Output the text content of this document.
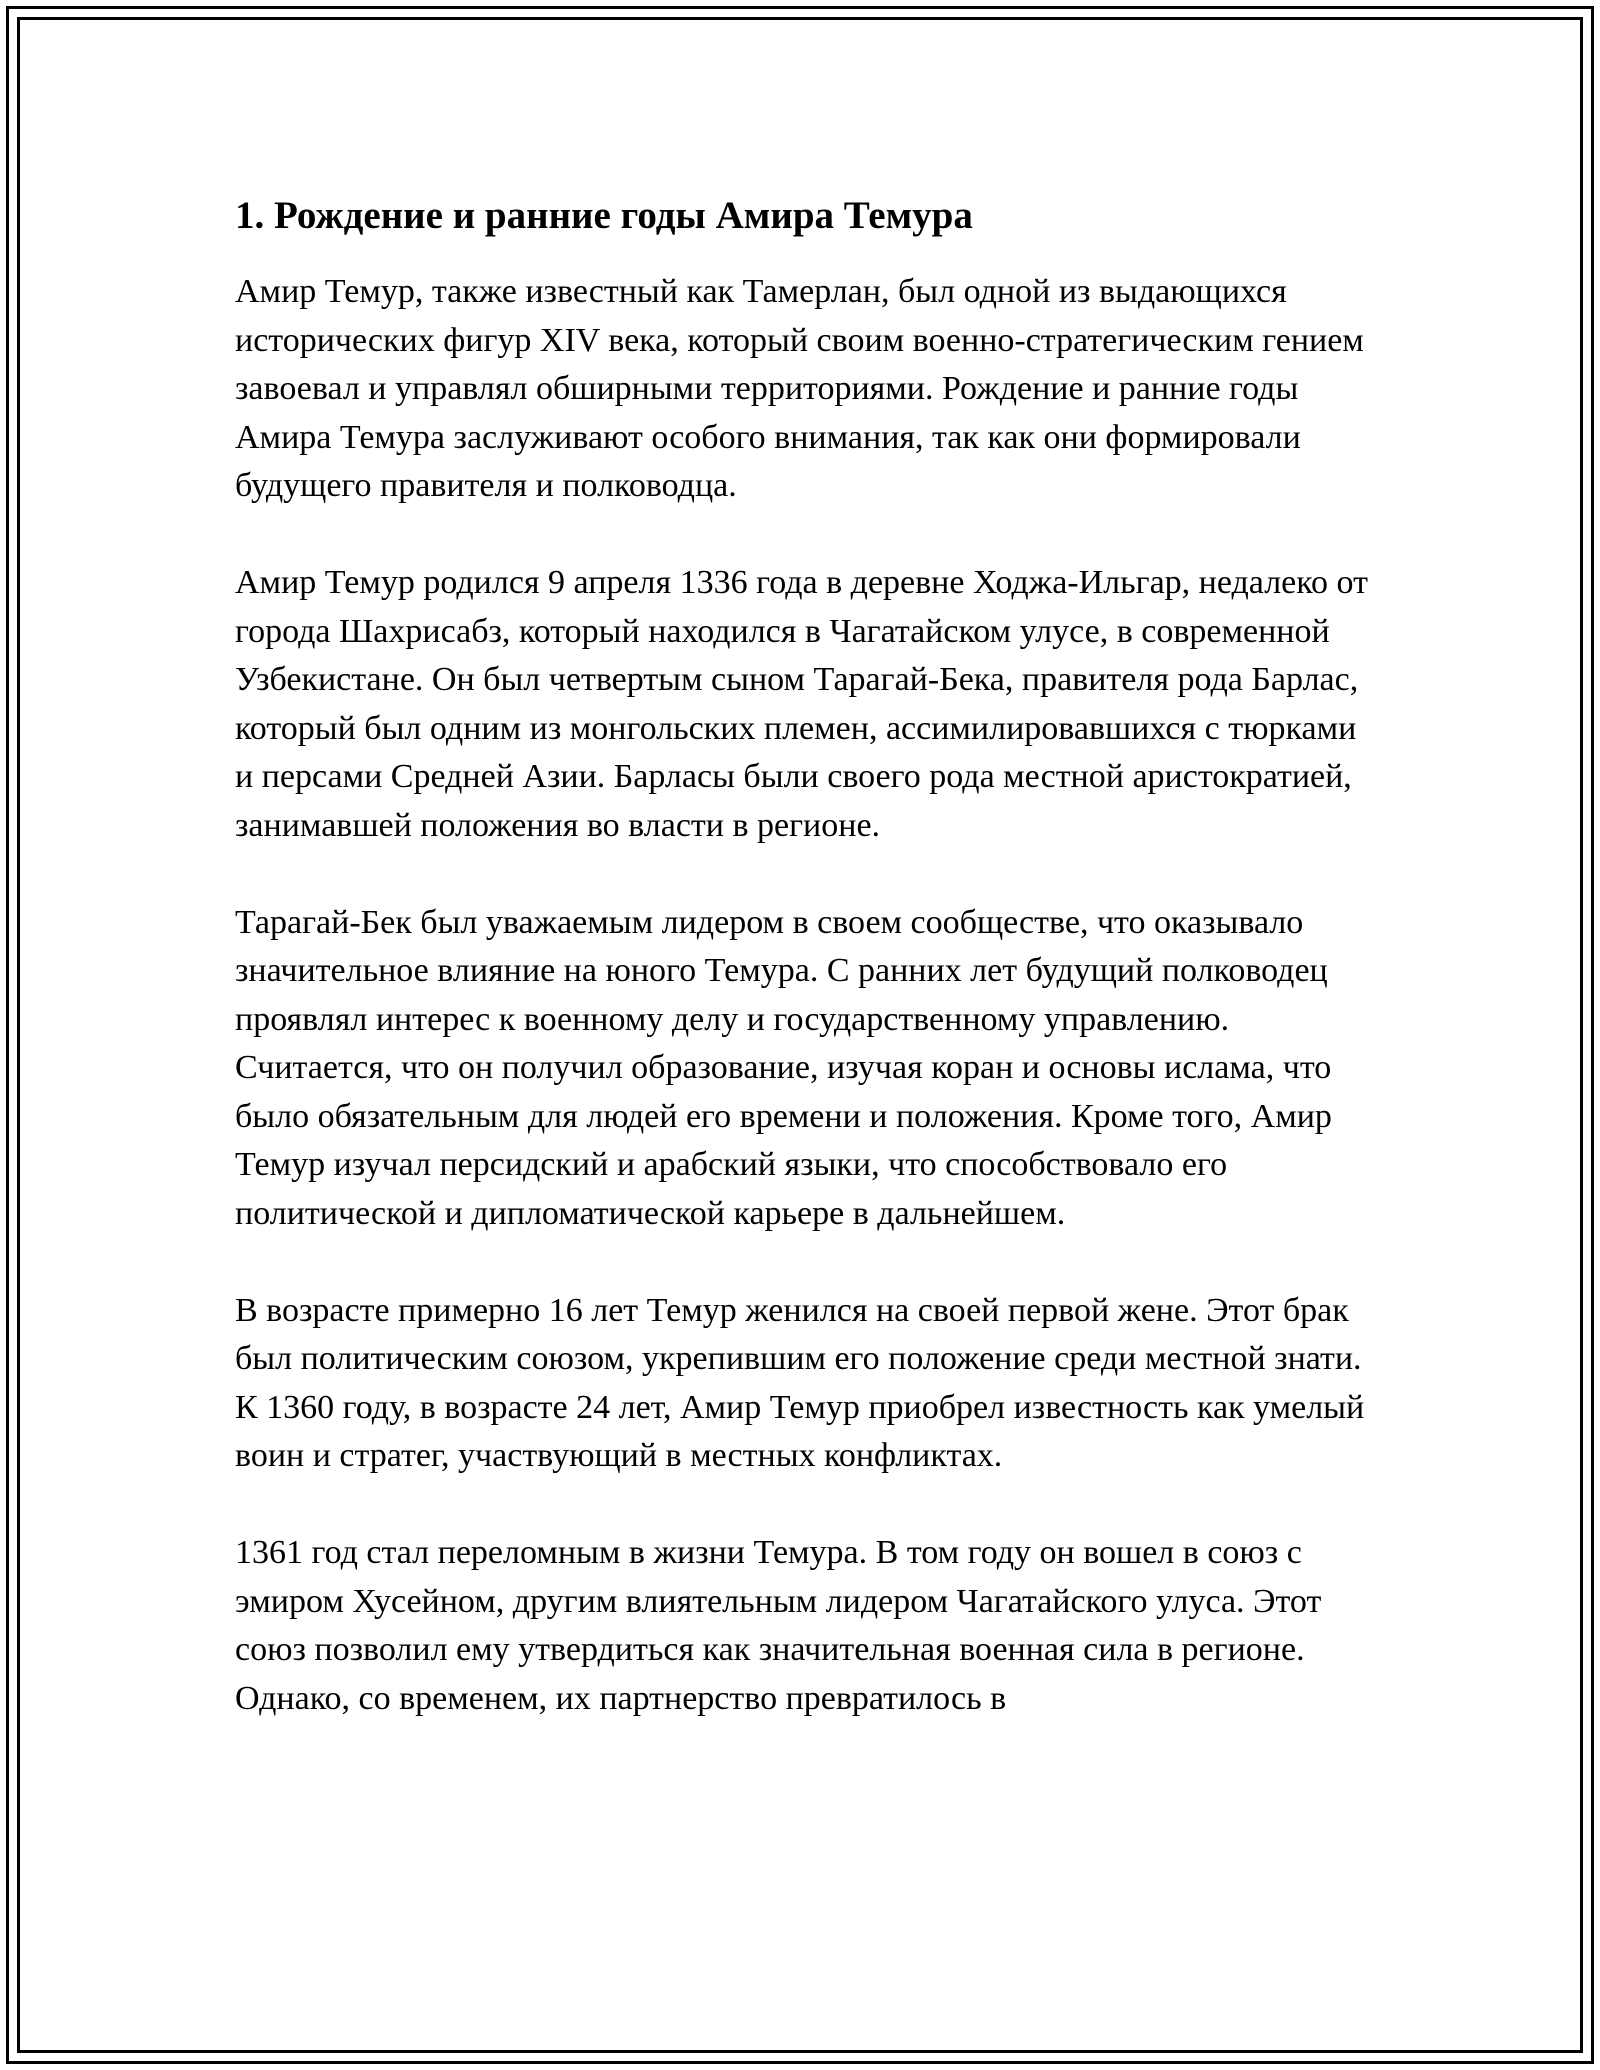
1. Рождение и ранние годы Амира Темура

Амир Темур, также известный как Тамерлан, был одной из выдающихся исторических фигур XIV века, который своим военно-стратегическим гением завоевал и управлял обширными территориями. Рождение и ранние годы Амира Темура заслуживают особого внимания, так как они формировали будущего правителя и полководца.

Амир Темур родился 9 апреля 1336 года в деревне Ходжа-Ильгар, недалеко от города Шахрисабз, который находился в Чагатайском улусе, в современной Узбекистане. Он был четвертым сыном Тарагай-Бека, правителя рода Барлас, который был одним из монгольских племен, ассимилировавшихся с тюрками и персами Средней Азии. Барласы были своего рода местной аристократией, занимавшей положения во власти в регионе.

Тарагай-Бек был уважаемым лидером в своем сообществе, что оказывало значительное влияние на юного Темура. С ранних лет будущий полководец проявлял интерес к военному делу и государственному управлению. Считается, что он получил образование, изучая коран и основы ислама, что было обязательным для людей его времени и положения. Кроме того, Амир Темур изучал персидский и арабский языки, что способствовало его политической и дипломатической карьере в дальнейшем.

В возрасте примерно 16 лет Темур женился на своей первой жене. Этот брак был политическим союзом, укрепившим его положение среди местной знати. К 1360 году, в возрасте 24 лет, Амир Темур приобрел известность как умелый воин и стратег, участвующий в местных конфликтах.

1361 год стал переломным в жизни Темура. В том году он вошел в союз с эмиром Хусейном, другим влиятельным лидером Чагатайского улуса. Этот союз позволил ему утвердиться как значительная военная сила в регионе. Однако, со временем, их партнерство превратилось в
